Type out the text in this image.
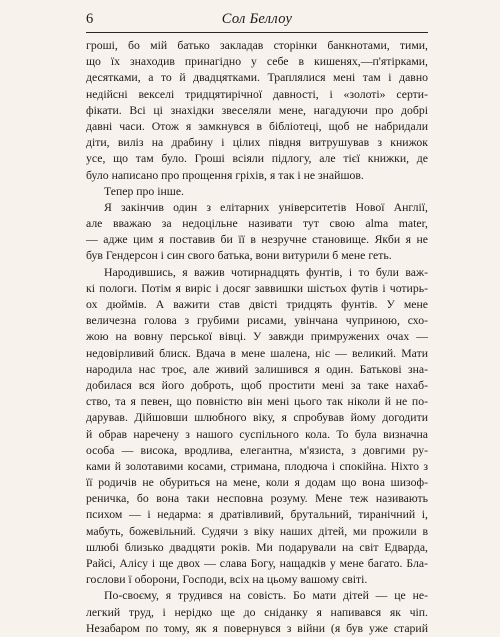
6	Сол Беллоу
гроші, бо мій батько закладав сторінки банкнотами, тими,
що їх знаходив принагідно у себе в кишенях,—п'ятірками,
десятками, а то й двадцятками. Траплялися мені там і давно
недійсні векселі тридцятирічної давності, і «золоті» серти-
фікати. Всі ці знахідки звеселяли мене, нагадуючи про добрі
давні часи. Отож я замкнувся в бібліотеці, щоб не набридали
діти, виліз на драбину і цілих півдня витрушував з книжок
усе, що там було. Гроші всіяли підлогу, але тієї книжки, де
було написано про прощення гріхів, я так і не знайшов.
Тепер про інше.
Я закінчив один з елітарних університетів Нової Англії,
але вважаю за недоцільне називати тут свою alma mater,
— адже цим я поставив би її в незручне становище. Якби я не
був Гендерсон і син свого батька, вони витурили б мене геть.
Народившись, я важив чотирнадцять фунтів, і то були важ-
кі пологи. Потім я виріс і досяг заввишки шістьох футів і чотирь-
ох дюймів. А важити став двісті тридцять фунтів. У мене
величезна голова з грубими рисами, увінчана чуприною, схо-
жою на вовну перської вівці. У завжди примружених очах —
недовірливий блиск. Вдача в мене шалена, ніс — великий. Мати
народила нас троє, але живий залишився я один. Батькові зна-
добилася вся його доброть, щоб простити мені за таке нахаб-
ство, та я певен, що повністю він мені цього так ніколи й не по-
дарував. Дійшовши шлюбного віку, я спробував йому догодити
й обрав наречену з нашого суспільного кола. То була визначна
особа — висока, вродлива, елегантна, м'язиста, з довгими ру-
ками й золотавими косами, стримана, плодюча і спокійна. Ніхто з
її родичів не обуриться на мене, коли я додам що вона шизоф-
реничка, бо вона таки несповна розуму. Мене теж називають
психом — і недарма: я дратівливий, брутальний, тиранічний і,
мабуть, божевільний. Судячи з віку наших дітей, ми прожили в
шлюбі близько двадцяти років. Ми подарували на світ Едварда,
Райсі, Алісу і ще двох — слава Богу, нащадків у мене багато. Бла-
гослови ї оборони, Господи, всіх на цьому вашому світі.
По-своєму, я трудився на совість. Бо мати дітей — це не-
легкий труд, і нерідко ще до сніданку я напивався як чіп.
Незабаром по тому, як я повернувся з війни (я був уже старий
